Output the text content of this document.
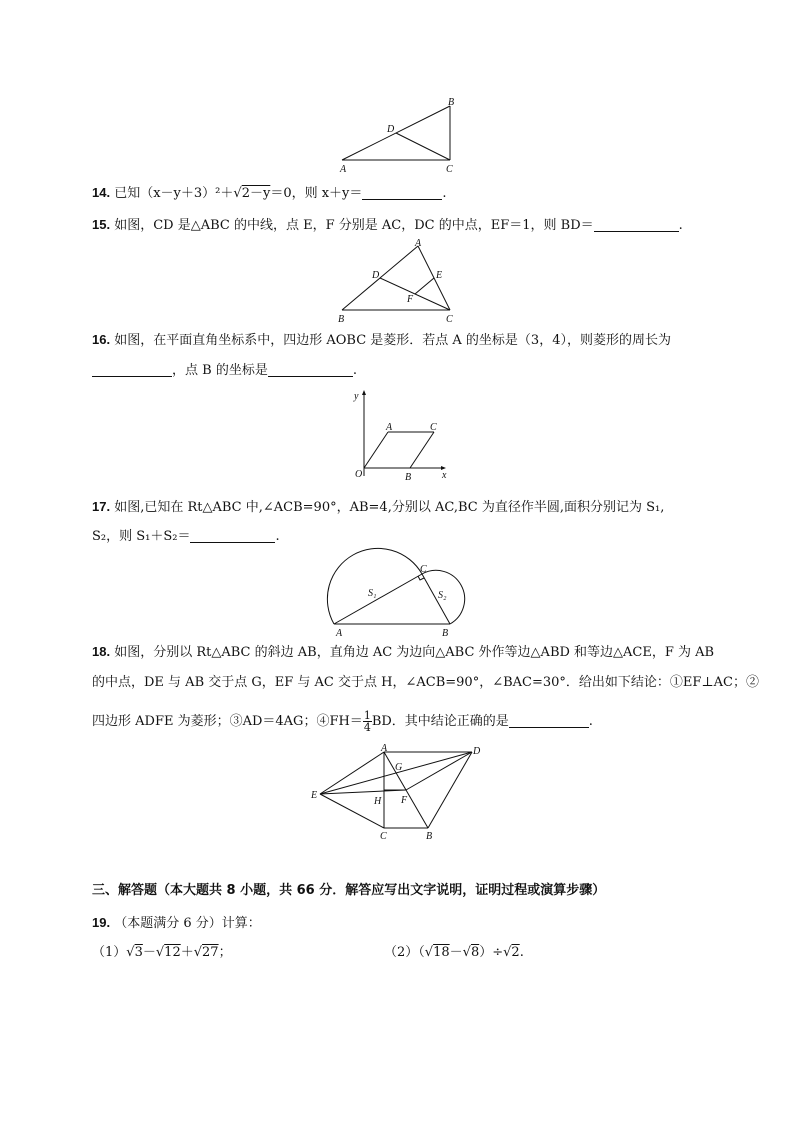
B
D
A	C
14. 已知（x－y＋3）²＋√2－y＝0，则 x＋y＝	.
15. 如图，CD 是△ABC 的中线，点 E，F 分别是 AC，DC 的中点，EF＝1，则 BD＝	.
A
D	E
F
B	C
16. 如图，在平面直角坐标系中，四边形 AOBC 是菱形．若点 A 的坐标是（3，4），则菱形的周长为
，点 B 的坐标是	.
y
x
O
A
B
C
17. 如图,已知在 Rt△ABC 中,∠ACB=90°，AB=4,分别以 AC,BC 为直径作半圆,面积分别记为 S₁,
S₂，则 S₁＋S₂＝	.
C
S₁	S₂
A	B
18. 如图，分别以 Rt△ABC 的斜边 AB，直角边 AC 为边向△ABC 外作等边△ABD 和等边△ACE，F 为 AB
的中点，DE 与 AB 交于点 G，EF 与 AC 交于点 H，∠ACB=90°，∠BAC=30°．给出如下结论：①EF⊥AC；②
四边形 ADFE 为菱形；③AD＝4AG；④FH＝ $\frac{1}{4}$ BD．其中结论正确的是	.
A	D
G
E
H F
C	B
三、解答题（本大题共 8 小题，共 66 分．解答应写出文字说明，证明过程或演算步骤）
19. （本题满分 6 分）计算：
（1）√3－√12＋√27；	（2）（√18－√8）÷√2.
